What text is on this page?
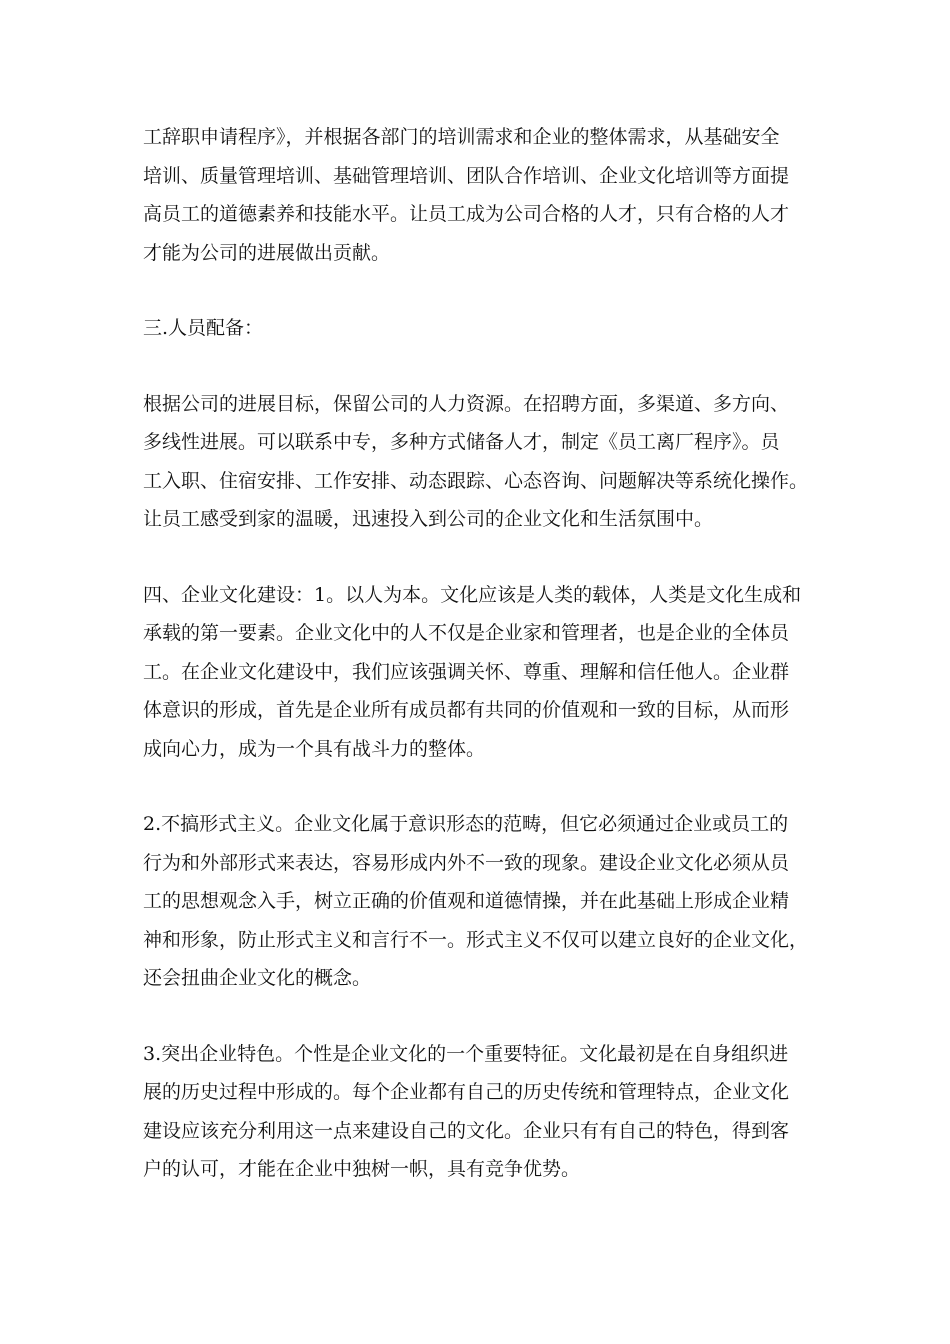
工辞职申请程序》，并根据各部门的培训需求和企业的整体需求，从基础安全
培训、质量管理培训、基础管理培训、团队合作培训、企业文化培训等方面提
高员工的道德素养和技能水平。让员工成为公司合格的人才，只有合格的人才
才能为公司的进展做出贡献。
三.人员配备：
根据公司的进展目标，保留公司的人力资源。在招聘方面，多渠道、多方向、
多线性进展。可以联系中专，多种方式储备人才，制定《员工离厂程序》。员
工入职、住宿安排、工作安排、动态跟踪、心态咨询、问题解决等系统化操作。
让员工感受到家的温暖，迅速投入到公司的企业文化和生活氛围中。
四、企业文化建设：1。以人为本。文化应该是人类的载体，人类是文化生成和
承载的第一要素。企业文化中的人不仅是企业家和管理者，也是企业的全体员
工。在企业文化建设中，我们应该强调关怀、尊重、理解和信任他人。企业群
体意识的形成，首先是企业所有成员都有共同的价值观和一致的目标，从而形
成向心力，成为一个具有战斗力的整体。
2.不搞形式主义。企业文化属于意识形态的范畴，但它必须通过企业或员工的
行为和外部形式来表达，容易形成内外不一致的现象。建设企业文化必须从员
工的思想观念入手，树立正确的价值观和道德情操，并在此基础上形成企业精
神和形象，防止形式主义和言行不一。形式主义不仅可以建立良好的企业文化，
还会扭曲企业文化的概念。
3.突出企业特色。个性是企业文化的一个重要特征。文化最初是在自身组织进
展的历史过程中形成的。每个企业都有自己的历史传统和管理特点，企业文化
建设应该充分利用这一点来建设自己的文化。企业只有有自己的特色，得到客
户的认可，才能在企业中独树一帜，具有竞争优势。
